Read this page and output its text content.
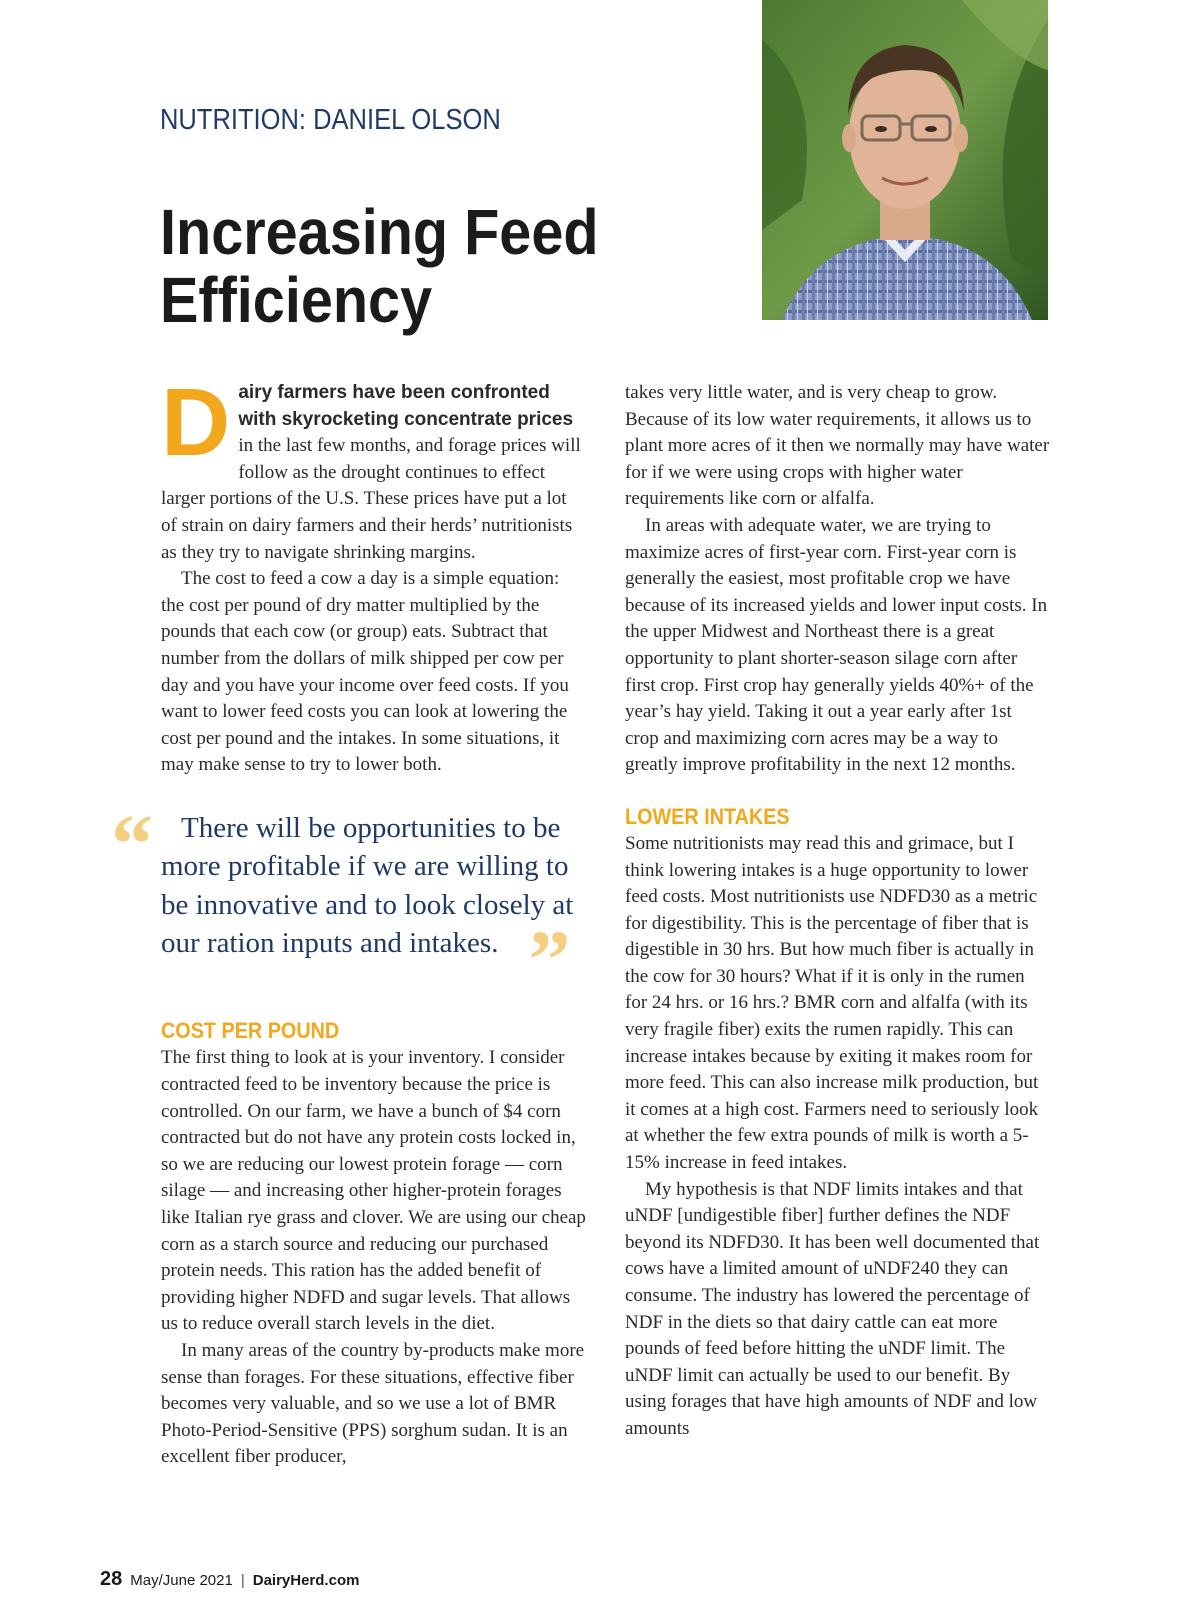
NUTRITION: DANIEL OLSON
Increasing Feed
Efficiency
D airy farmers have been confronted with skyrocketing concentrate prices in the last few months, and forage prices will follow as the drought continues to effect larger portions of the U.S. These prices have put a lot of strain on dairy farmers and their herds’ nutritionists as they try to navigate shrinking margins.

The cost to feed a cow a day is a simple equation: the cost per pound of dry matter multiplied by the pounds that each cow (or group) eats. Subtract that number from the dollars of milk shipped per cow per day and you have your income over feed costs. If you want to lower feed costs you can look at lowering the cost per pound and the intakes. In some situations, it may make sense to try to lower both.

“ There will be opportunities to be more profitable if we are willing to be innovative and to look closely at our ration inputs and intakes. ”

COST PER POUND

The first thing to look at is your inventory. I consider contracted feed to be inventory because the price is controlled. On our farm, we have a bunch of $4 corn contracted but do not have any protein costs locked in, so we are reducing our lowest protein forage — corn silage — and increasing other higher-protein forages like Italian rye grass and clover. We are using our cheap corn as a starch source and reducing our purchased protein needs. This ration has the added benefit of providing higher NDFD and sugar levels. That allows us to reduce overall starch levels in the diet.

In many areas of the country by-products make more sense than forages. For these situations, effective fiber becomes very valuable, and so we use a lot of BMR Photo-Period-Sensitive (PPS) sorghum sudan. It is an excellent fiber producer,

takes very little water, and is very cheap to grow. Because of its low water requirements, it allows us to plant more acres of it then we normally may have water for if we were using crops with higher water requirements like corn or alfalfa.

In areas with adequate water, we are trying to maximize acres of first-year corn. First-year corn is generally the easiest, most profitable crop we have because of its increased yields and lower input costs. In the upper Midwest and Northeast there is a great opportunity to plant shorter-season silage corn after first crop. First crop hay generally yields 40%+ of the year’s hay yield. Taking it out a year early after 1st crop and maximizing corn acres may be a way to greatly improve profitability in the next 12 months.

LOWER INTAKES

Some nutritionists may read this and grimace, but I think lowering intakes is a huge opportunity to lower feed costs. Most nutritionists use NDFD30 as a metric for digestibility. This is the percentage of fiber that is digestible in 30 hrs. But how much fiber is actually in the cow for 30 hours? What if it is only in the rumen for 24 hrs. or 16 hrs.? BMR corn and alfalfa (with its very fragile fiber) exits the rumen rapidly. This can increase intakes because by exiting it makes room for more feed. This can also increase milk production, but it comes at a high cost. Farmers need to seriously look at whether the few extra pounds of milk is worth a 5-15% increase in feed intakes.

My hypothesis is that NDF limits intakes and that uNDF [undigestible fiber] further defines the NDF beyond its NDFD30. It has been well documented that cows have a limited amount of uNDF240 they can consume. The industry has lowered the percentage of NDF in the diets so that dairy cattle can eat more pounds of feed before hitting the uNDF limit. The uNDF limit can actually be used to our benefit. By using forages that have high amounts of NDF and low amounts

28 May/June 2021 | DairyHerd.com
